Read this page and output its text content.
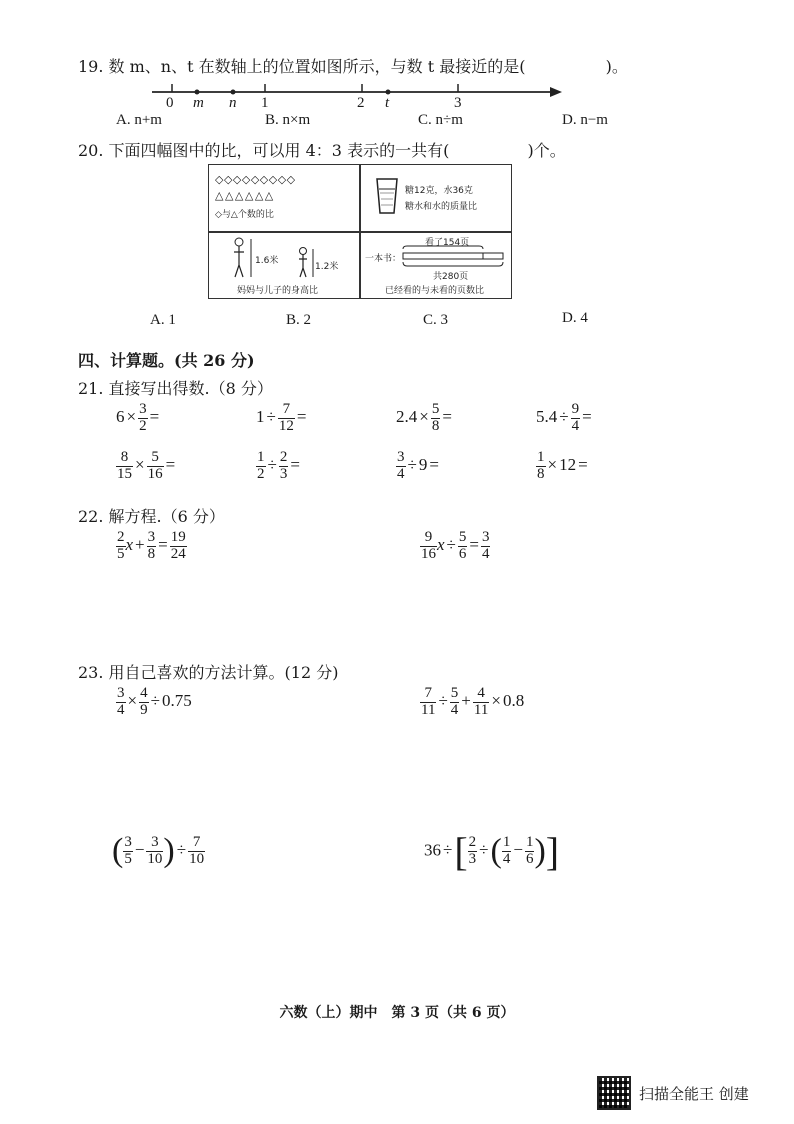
19. 数 m、n、t 在数轴上的位置如图所示，与数 t 最接近的是(	)。
0 m n 1	2 t	3
A. n+m	B. n×m	C. n÷m	D. n−m
20. 下面四幅图中的比，可以用 4：3 表示的一共有(	)个。
◇◇◇◇◇◇◇◇◇
△△△△△△
◇与△个数的比
糖12克，水36克
糖水和水的质量比
1.6米
1.2米
妈妈与儿子的身高比
看了154页
一本书：
共280页
已经看的与未看的页数比
A. 1	B. 2	C. 3	D. 4
四、计算题。(共 26 分)
21. 直接写出得数.（8 分）
$6 \times \frac{3}{2}$ =	$1 \div \frac{7}{12}$ =	$2.4 \times \frac{5}{8}$ =	$5.4 \div \frac{9}{4}$ =
$\frac{8}{15} \times \frac{5}{16}$ =	$\frac{1}{2} \div \frac{2}{3}$ =	$\frac{3}{4} \div 9$ =	$\frac{1}{8} \times 12$ =
22. 解方程.（6 分）
$\frac{2}{5}$ $x + \frac{3}{8} = \frac{19}{24}$	$\frac{9}{16}$ $x \div \frac{5}{6} = \frac{3}{4}$
23. 用自己喜欢的方法计算。(12 分)
$\frac{3}{4} \times \frac{4}{9} \div 0.75$	$\frac{7}{11} \div \frac{5}{4} + \frac{4}{11} \times 0.8$
( $\frac{3}{5} - \frac{3}{10}$ ) ÷ $\frac{7}{10}$	36 ÷[ $\frac{2}{3}$ ÷( $\frac{1}{4} - \frac{1}{6}$ )]
六数（上）期中　第 3 页（共 6 页）
扫描全能王 创建
